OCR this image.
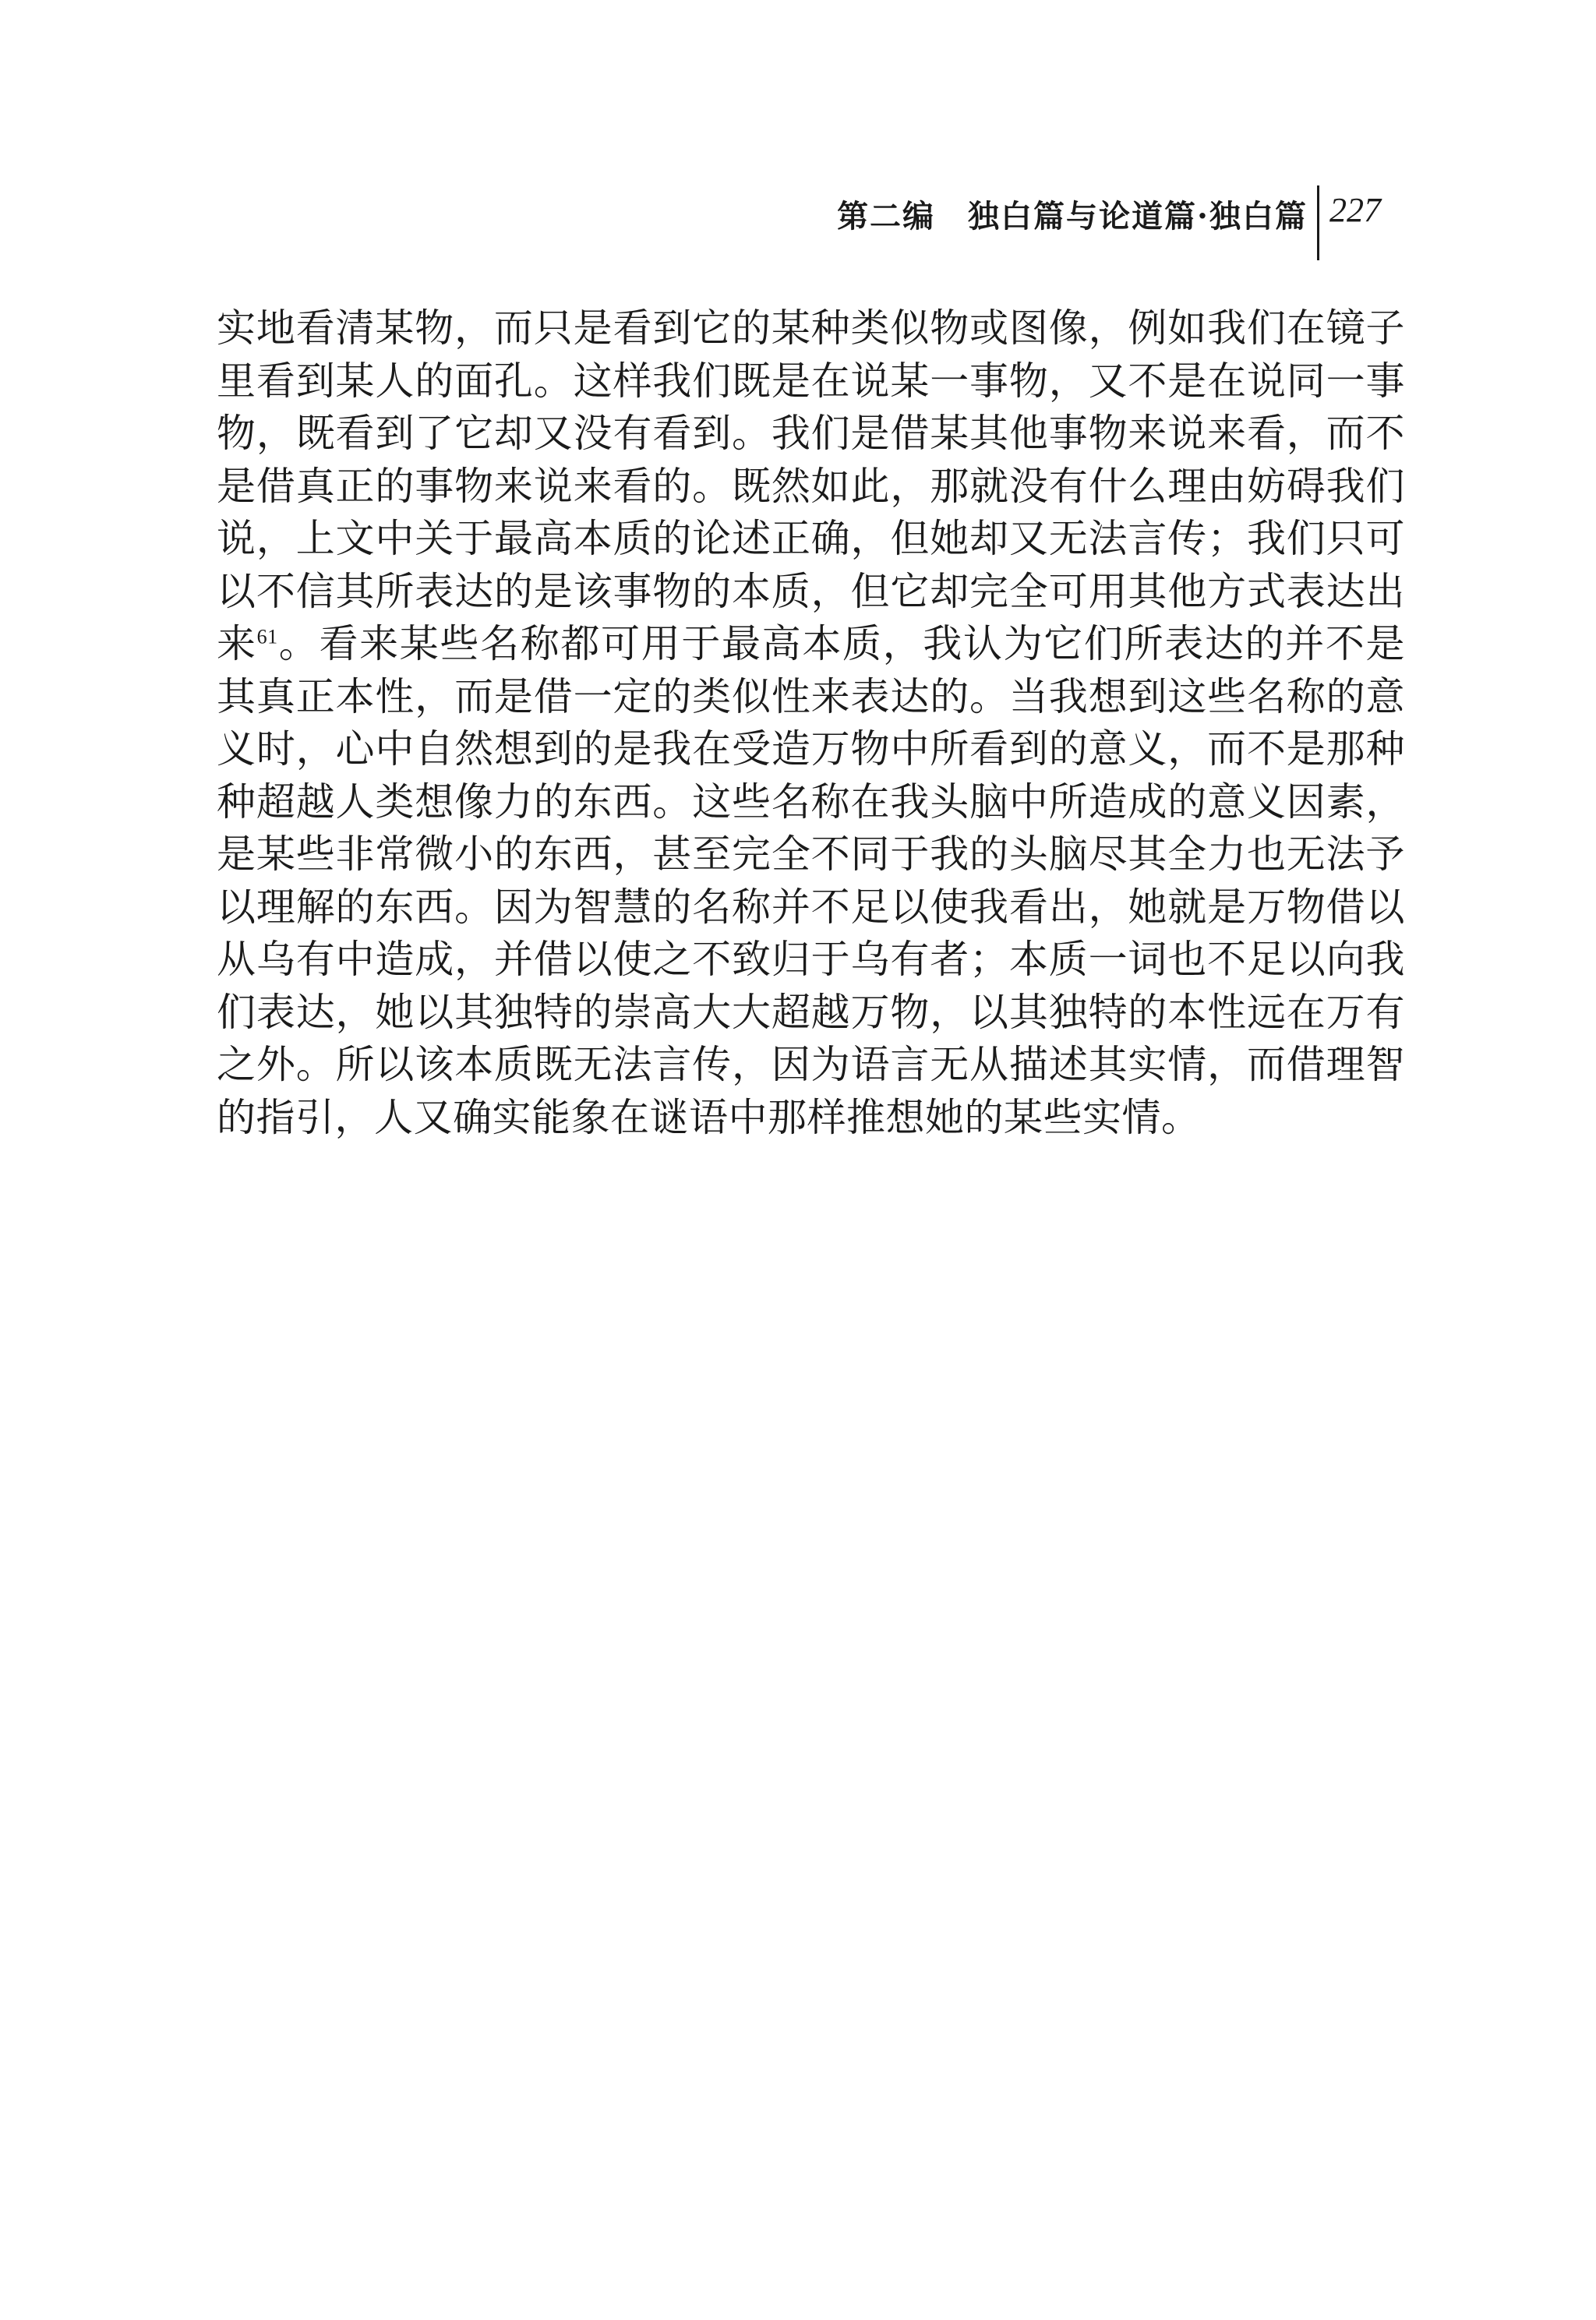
第二编　独白篇与论道篇·独白篇 227
实地看清某物，而只是看到它的某种类似物或图像，例如我们在镜子里看到某人的面孔。这样我们既是在说某一事物，又不是在说同一事物，既看到了它却又没有看到。我们是借某其他事物来说来看，而不是借真正的事物来说来看的。既然如此，那就没有什么理由妨碍我们说，上文中关于最高本质的论述正确，但她却又无法言传；我们只可以不信其所表达的是该事物的本质，但它却完全可用其他方式表达出来$^{61}$。看来某些名称都可用于最高本质，我认为它们所表达的并不是其真正本性，而是借一定的类似性来表达的。当我想到这些名称的意义时，心中自然想到的是我在受造万物中所看到的意义，而不是那种种超越人类想像力的东西。这些名称在我头脑中所造成的意义因素，是某些非常微小的东西，甚至完全不同于我的头脑尽其全力也无法予以理解的东西。因为智慧的名称并不足以使我看出，她就是万物借以从乌有中造成，并借以使之不致归于乌有者；本质一词也不足以向我们表达，她以其独特的崇高大大超越万物，以其独特的本性远在万有之外。所以该本质既无法言传，因为语言无从描述其实情，而借理智的指引，人又确实能象在谜语中那样推想她的某些实情。
